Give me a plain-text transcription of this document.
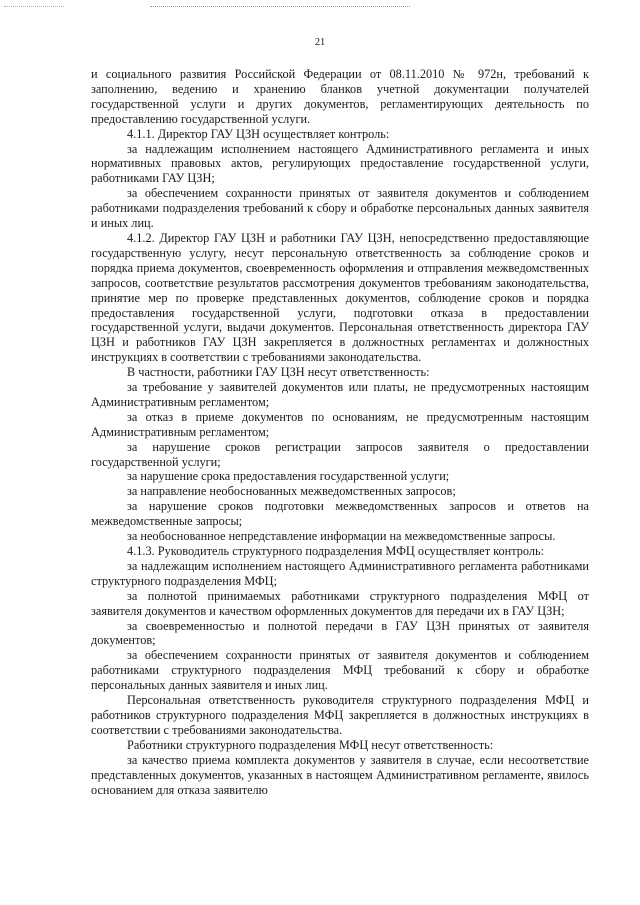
21

и социального развития Российской Федерации от 08.11.2010 № 972н, требований к заполнению, ведению и хранению бланков учетной документации получателей государственной услуги и других документов, регламентирующих деятельность по предоставлению государственной услуги.

4.1.1. Директор ГАУ ЦЗН осуществляет контроль:

за надлежащим исполнением настоящего Административного регламента и иных нормативных правовых актов, регулирующих предоставление государственной услуги, работниками ГАУ ЦЗН;

за обеспечением сохранности принятых от заявителя документов и соблюдением работниками подразделения требований к сбору и обработке персональных данных заявителя и иных лиц.

4.1.2. Директор ГАУ ЦЗН и работники ГАУ ЦЗН, непосредственно предоставляющие государственную услугу, несут персональную ответственность за соблюдение сроков и порядка приема документов, своевременность оформления и отправления межведомственных запросов, соответствие результатов рассмотрения документов требованиям законодательства, принятие мер по проверке представленных документов, соблюдение сроков и порядка предоставления государственной услуги, подготовки отказа в предоставлении государственной услуги, выдачи документов. Персональная ответственность директора ГАУ ЦЗН и работников ГАУ ЦЗН закрепляется в должностных регламентах и должностных инструкциях в соответствии с требованиями законодательства.

В частности, работники ГАУ ЦЗН несут ответственность:

за требование у заявителей документов или платы, не предусмотренных настоящим Административным регламентом;

за отказ в приеме документов по основаниям, не предусмотренным настоящим Административным регламентом;

за нарушение сроков регистрации запросов заявителя о предоставлении государственной услуги;

за нарушение срока предоставления государственной услуги;

за направление необоснованных межведомственных запросов;

за нарушение сроков подготовки межведомственных запросов и ответов на межведомственные запросы;

за необоснованное непредставление информации на межведомственные запросы.

4.1.3. Руководитель структурного подразделения МФЦ осуществляет контроль:

за надлежащим исполнением настоящего Административного регламента работниками структурного подразделения МФЦ;

за полнотой принимаемых работниками структурного подразделения МФЦ от заявителя документов и качеством оформленных документов для передачи их в ГАУ ЦЗН;

за своевременностью и полнотой передачи в ГАУ ЦЗН принятых от заявителя документов;

за обеспечением сохранности принятых от заявителя документов и соблюдением работниками структурного подразделения МФЦ требований к сбору и обработке персональных данных заявителя и иных лиц.

Персональная ответственность руководителя структурного подразделения МФЦ и работников структурного подразделения МФЦ закрепляется в должностных инструкциях в соответствии с требованиями законодательства.

Работники структурного подразделения МФЦ несут ответственность:

за качество приема комплекта документов у заявителя в случае, если несоответствие представленных документов, указанных в настоящем Административном регламенте, явилось основанием для отказа заявителю
